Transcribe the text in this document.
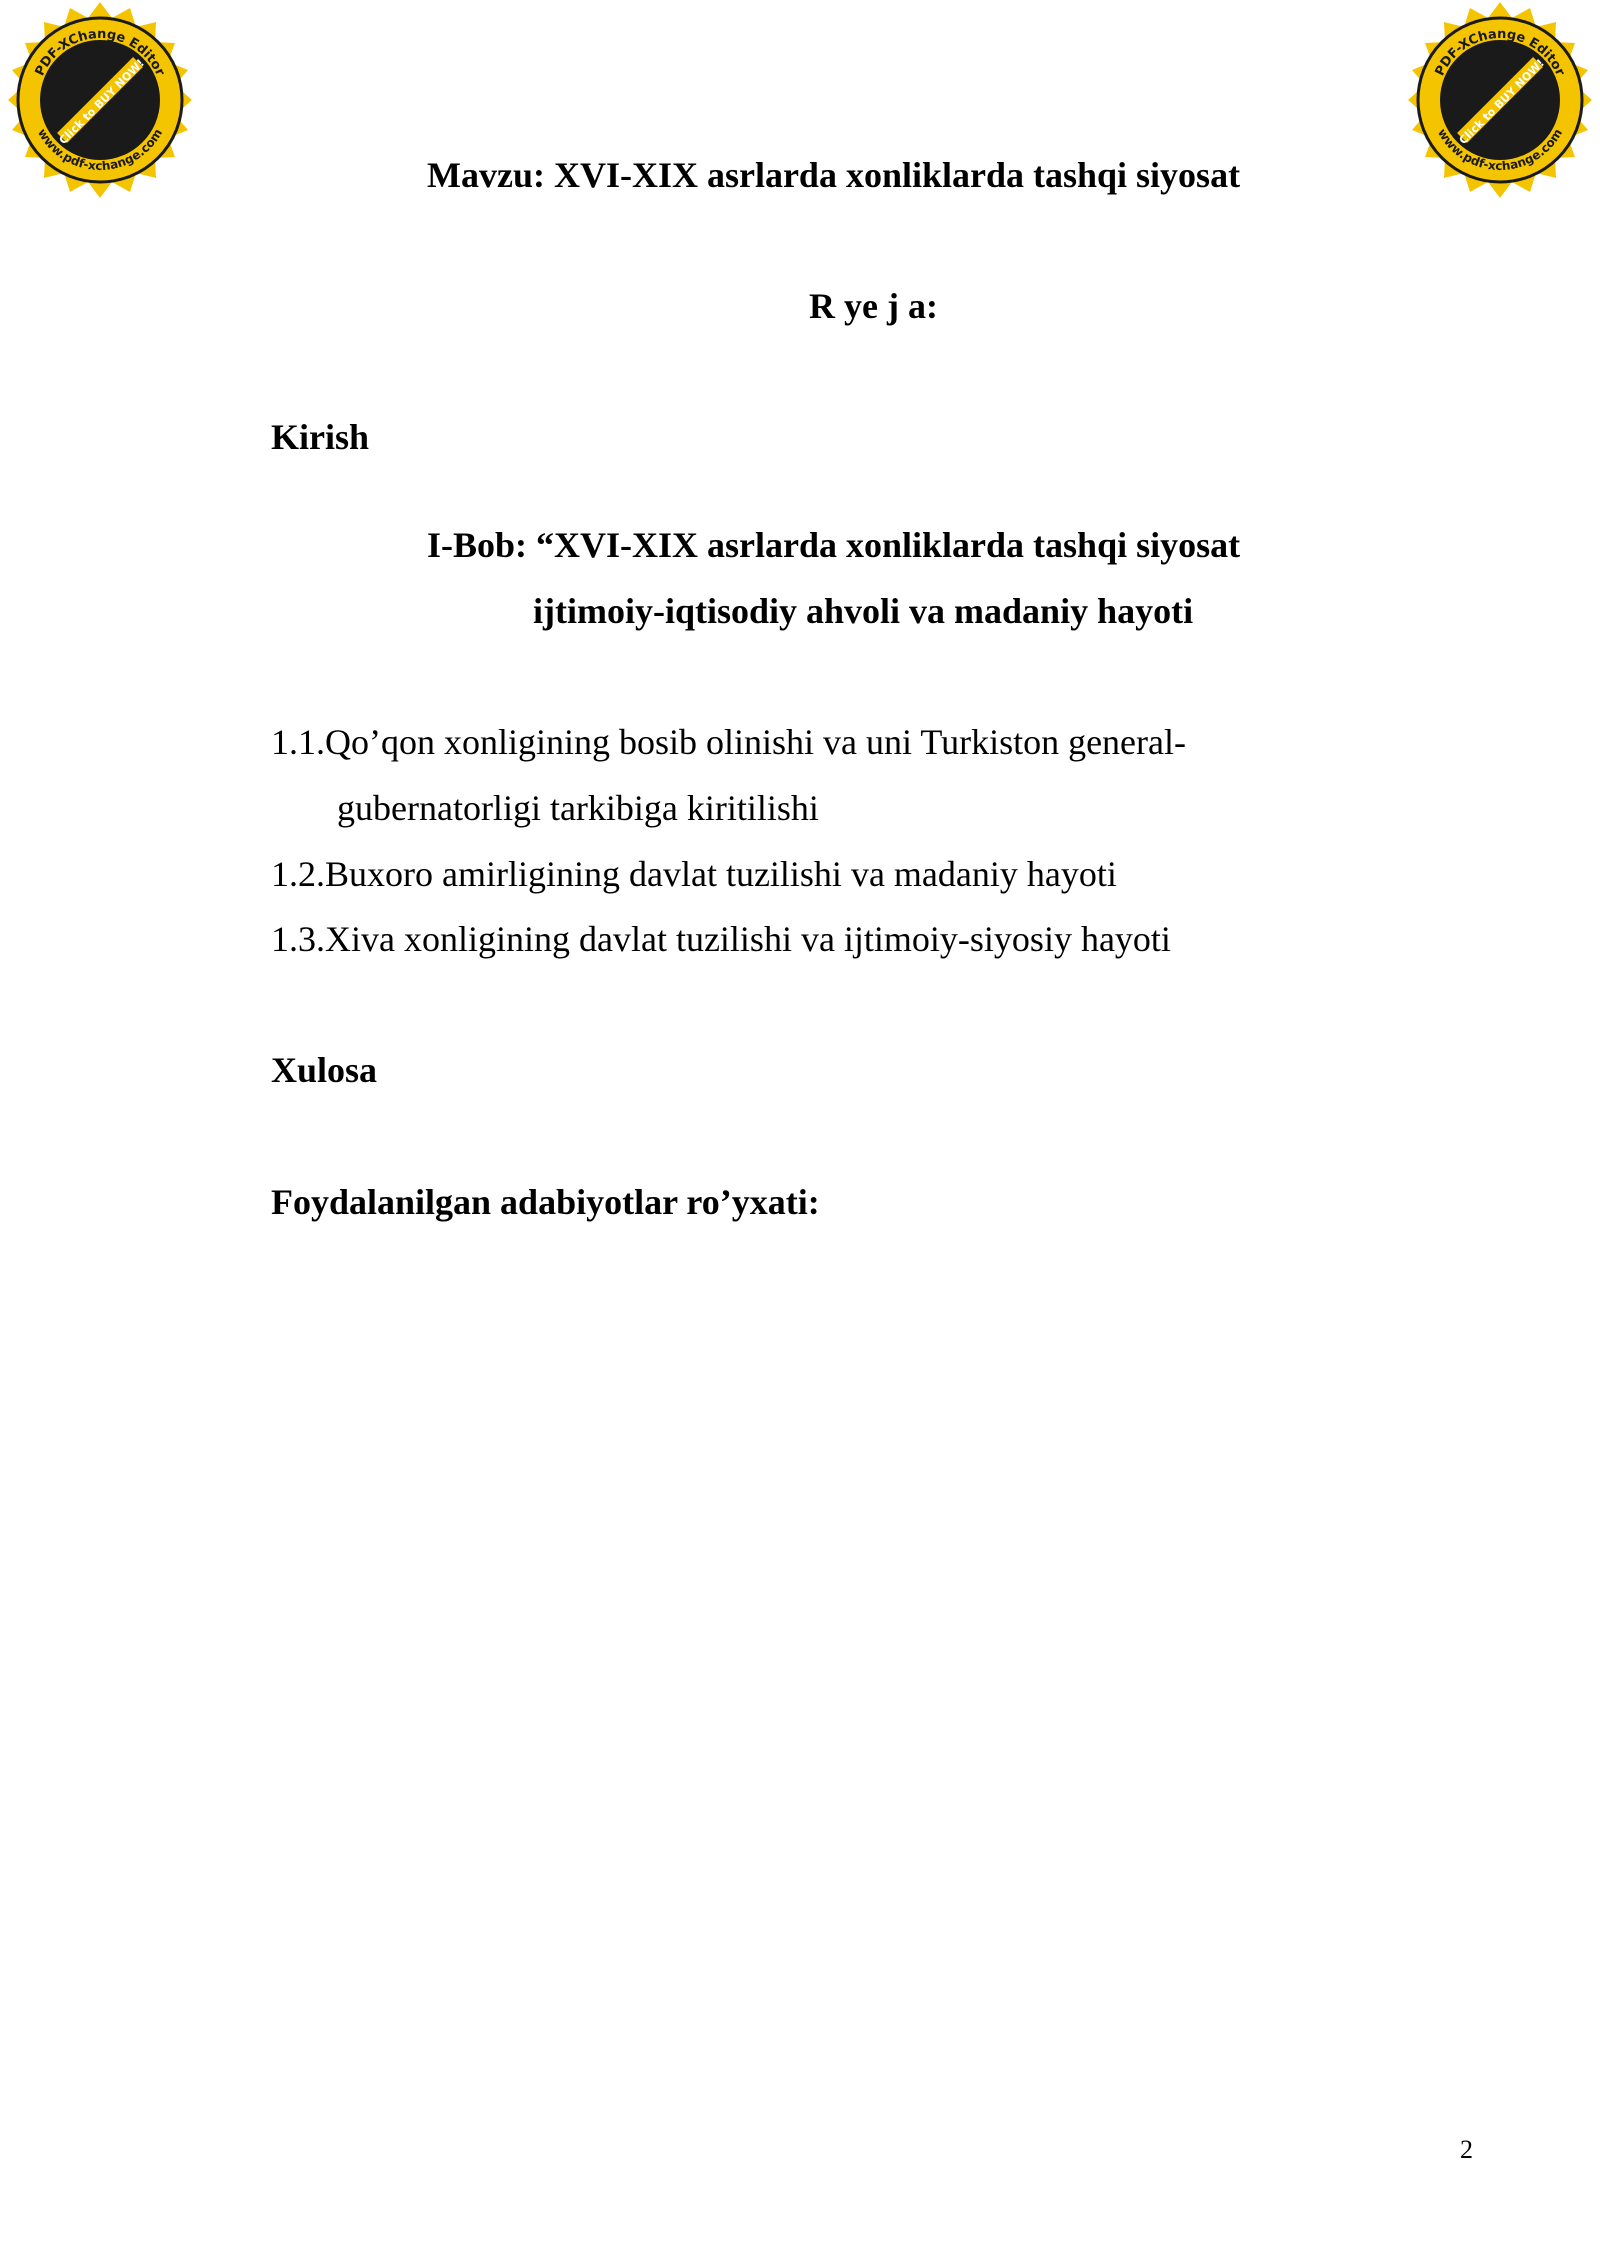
PDF-XChange Editor
www.pdf-xchange.com
Click to BUY NOW!	PDF-XChange Editor
www.pdf-xchange.com
Click to BUY NOW!
Mavzu: XVI-XIX asrlarda xonliklarda tashqi siyosat
R ye j a:
Kirish
I-Bob: “XVI-XIX asrlarda xonliklarda tashqi siyosat
ijtimoiy-iqtisodiy ahvoli va madaniy hayoti
1.1.Qo’qon xonligining bosib olinishi va uni Turkiston general-
gubernatorligi tarkibiga kiritilishi
1.2.Buxoro amirligining davlat tuzilishi va madaniy hayoti
1.3.Xiva xonligining davlat tuzilishi va ijtimoiy-siyosiy hayoti
Xulosa
Foydalanilgan adabiyotlar ro’yxati:
2
